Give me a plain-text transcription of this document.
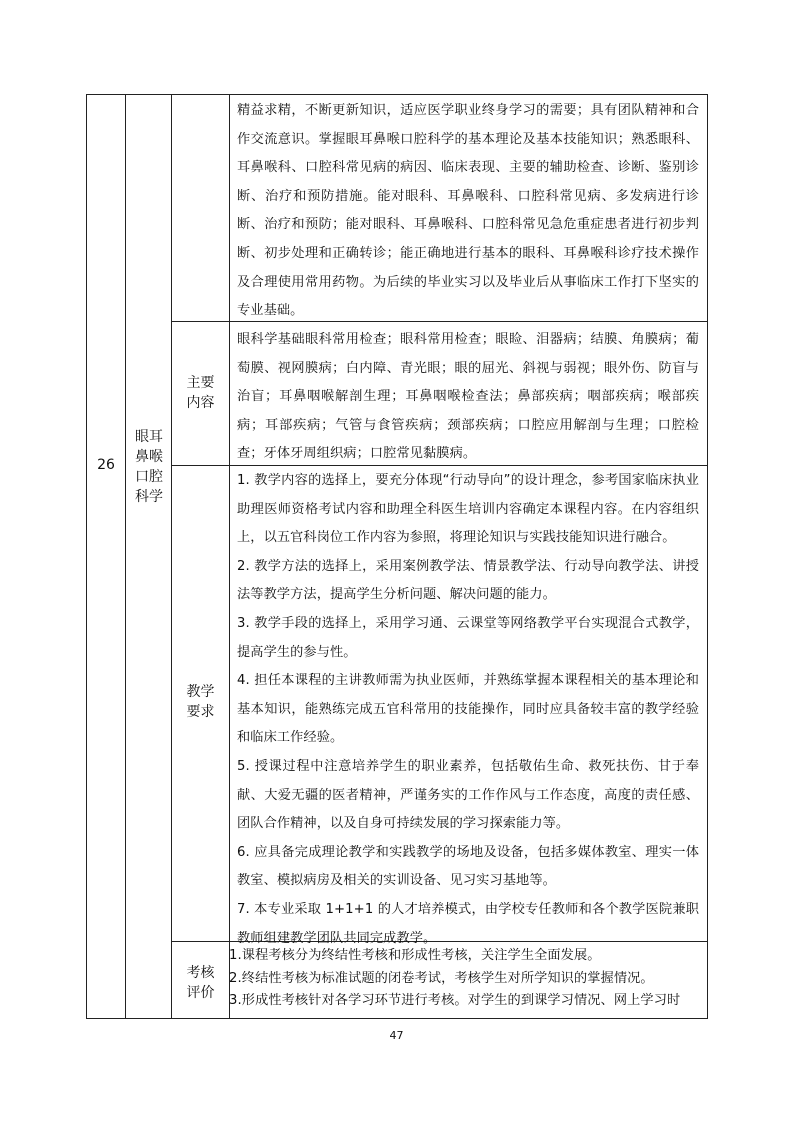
26
眼耳
鼻喉
口腔
科学

精益求精，不断更新知识，适应医学职业终身学习的需要；具有团队精神和合作交流意识。掌握眼耳鼻喉口腔科学的基本理论及基本技能知识；熟悉眼科、耳鼻喉科、口腔科常见病的病因、临床表现、主要的辅助检查、诊断、鉴别诊断、治疗和预防措施。能对眼科、耳鼻喉科、口腔科常见病、多发病进行诊断、治疗和预防；能对眼科、耳鼻喉科、口腔科常见急危重症患者进行初步判断、初步处理和正确转诊；能正确地进行基本的眼科、耳鼻喉科诊疗技术操作及合理使用常用药物。为后续的毕业实习以及毕业后从事临床工作打下坚实的专业基础。

主要
内容

眼科学基础眼科常用检查；眼科常用检查；眼睑、泪器病；结膜、角膜病；葡萄膜、视网膜病；白内障、青光眼；眼的屈光、斜视与弱视；眼外伤、防盲与治盲；耳鼻咽喉解剖生理；耳鼻咽喉检查法；鼻部疾病；咽部疾病；喉部疾病；耳部疾病；气管与食管疾病；颈部疾病；口腔应用解剖与生理；口腔检查；牙体牙周组织病；口腔常见黏膜病。

教学
要求

1. 教学内容的选择上，要充分体现“行动导向”的设计理念，参考国家临床执业助理医师资格考试内容和助理全科医生培训内容确定本课程内容。在内容组织上，以五官科岗位工作内容为参照，将理论知识与实践技能知识进行融合。

2. 教学方法的选择上，采用案例教学法、情景教学法、行动导向教学法、讲授法等教学方法，提高学生分析问题、解决问题的能力。

3. 教学手段的选择上，采用学习通、云课堂等网络教学平台实现混合式教学，提高学生的参与性。

4. 担任本课程的主讲教师需为执业医师，并熟练掌握本课程相关的基本理论和基本知识，能熟练完成五官科常用的技能操作，同时应具备较丰富的教学经验和临床工作经验。

5. 授课过程中注意培养学生的职业素养，包括敬佑生命、救死扶伤、甘于奉献、大爱无疆的医者精神，严谨务实的工作作风与工作态度，高度的责任感、团队合作精神，以及自身可持续发展的学习探索能力等。

6. 应具备完成理论教学和实践教学的场地及设备，包括多媒体教室、理实一体教室、模拟病房及相关的实训设备、见习实习基地等。

7. 本专业采取 1+1+1 的人才培养模式，由学校专任教师和各个教学医院兼职教师组建教学团队共同完成教学。

考核
评价

1.课程考核分为终结性考核和形成性考核，关注学生全面发展。

2.终结性考核为标准试题的闭卷考试，考核学生对所学知识的掌握情况。

3.形成性考核针对各学习环节进行考核。对学生的到课学习情况、网上学习时

47
